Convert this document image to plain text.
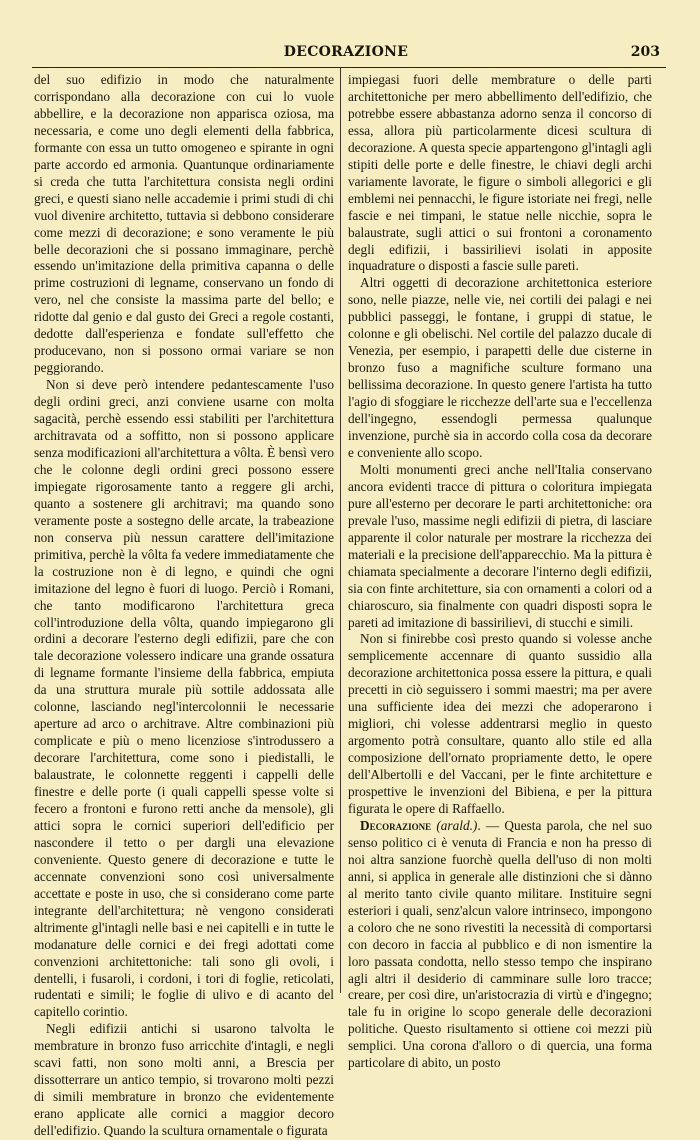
DECORAZIONE	203

del suo edifizio in modo che naturalmente corrispondano alla decorazione con cui lo vuole abbellire, e la decorazione non apparisca oziosa, ma necessaria, e come uno degli elementi della fabbrica, formante con essa un tutto omogeneo e spirante in ogni parte accordo ed armonia. Quantunque ordinariamente si creda che tutta l'architettura consista negli ordini greci, e questi siano nelle accademie i primi studi di chi vuol divenire architetto, tuttavia si debbono considerare come mezzi di decorazione; e sono veramente le più belle decorazioni che si possano immaginare, perchè essendo un'imitazione della primitiva capanna o delle prime costruzioni di legname, conservano un fondo di vero, nel che consiste la massima parte del bello; e ridotte dal genio e dal gusto dei Greci a regole costanti, dedotte dall'esperienza e fondate sull'effetto che producevano, non si possono ormai variare se non peggiorando.

Non si deve però intendere pedantescamente l'uso degli ordini greci, anzi conviene usarne con molta sagacità, perchè essendo essi stabiliti per l'architettura architravata od a soffitto, non si possono applicare senza modificazioni all'architettura a vôlta. È bensì vero che le colonne degli ordini greci possono essere impiegate rigorosamente tanto a reggere gli archi, quanto a sostenere gli architravi; ma quando sono veramente poste a sostegno delle arcate, la trabeazione non conserva più nessun carattere dell'imitazione primitiva, perchè la vôlta fa vedere immediatamente che la costruzione non è di legno, e quindi che ogni imitazione del legno è fuori di luogo. Perciò i Romani, che tanto modificarono l'architettura greca coll'introduzione della vôlta, quando impiegarono gli ordini a decorare l'esterno degli edifizii, pare che con tale decorazione volessero indicare una grande ossatura di legname formante l'insieme della fabbrica, empiuta da una struttura murale più sottile addossata alle colonne, lasciando negl'intercolonnii le necessarie aperture ad arco o architrave. Altre combinazioni più complicate e più o meno licenziose s'introdussero a decorare l'architettura, come sono i piedistalli, le balaustrate, le colonnette reggenti i cappelli delle finestre e delle porte (i quali cappelli spesse volte si fecero a frontoni e furono retti anche da mensole), gli attici sopra le cornici superiori dell'edificio per nascondere il tetto o per dargli una elevazione conveniente. Questo genere di decorazione e tutte le accennate convenzioni sono così universalmente accettate e poste in uso, che si considerano come parte integrante dell'architettura; nè vengono considerati altrimente gl'intagli nelle basi e nei capitelli e in tutte le modanature delle cornici e dei fregi adottati come convenzioni architettoniche: tali sono gli ovoli, i dentelli, i fusaroli, i cordoni, i tori di foglie, reticolati, rudentati e simili; le foglie di ulivo e di acanto del capitello corintio.

Negli edifizii antichi si usarono talvolta le membrature in bronzo fuso arricchite d'intagli, e negli scavi fatti, non sono molti anni, a Brescia per dissotterrare un antico tempio, si trovarono molti pezzi di simili membrature in bronzo che evidentemente erano applicate alle cornici a maggior decoro dell'edifizio. Quando la scultura ornamentale o figurata

impiegasi fuori delle membrature o delle parti architettoniche per mero abbellimento dell'edifizio, che potrebbe essere abbastanza adorno senza il concorso di essa, allora più particolarmente dicesi scultura di decorazione. A questa specie appartengono gl'intagli agli stipiti delle porte e delle finestre, le chiavi degli archi variamente lavorate, le figure o simboli allegorici e gli emblemi nei pennacchi, le figure istoriate nei fregi, nelle fascie e nei timpani, le statue nelle nicchie, sopra le balaustrate, sugli attici o sui frontoni a coronamento degli edifizii, i bassirilievi isolati in apposite inquadrature o disposti a fascie sulle pareti.

Altri oggetti di decorazione architettonica esteriore sono, nelle piazze, nelle vie, nei cortili dei palagi e nei pubblici passeggi, le fontane, i gruppi di statue, le colonne e gli obelischi. Nel cortile del palazzo ducale di Venezia, per esempio, i parapetti delle due cisterne in bronzo fuso a magnifiche sculture formano una bellissima decorazione. In questo genere l'artista ha tutto l'agio di sfoggiare le ricchezze dell'arte sua e l'eccellenza dell'ingegno, essendogli permessa qualunque invenzione, purchè sia in accordo colla cosa da decorare e conveniente allo scopo.

Molti monumenti greci anche nell'Italia conservano ancora evidenti tracce di pittura o coloritura impiegata pure all'esterno per decorare le parti architettoniche: ora prevale l'uso, massime negli edifizii di pietra, di lasciare apparente il color naturale per mostrare la ricchezza dei materiali e la precisione dell'apparecchio. Ma la pittura è chiamata specialmente a decorare l'interno degli edifizii, sia con finte architetture, sia con ornamenti a colori od a chiaroscuro, sia finalmente con quadri disposti sopra le pareti ad imitazione di bassirilievi, di stucchi e simili.

Non si finirebbe così presto quando si volesse anche semplicemente accennare di quanto sussidio alla decorazione architettonica possa essere la pittura, e quali precetti in ciò seguissero i sommi maestri; ma per avere una sufficiente idea dei mezzi che adoperarono i migliori, chi volesse addentrarsi meglio in questo argomento potrà consultare, quanto allo stile ed alla composizione dell'ornato propriamente detto, le opere dell'Albertolli e del Vaccani, per le finte architetture e prospettive le invenzioni del Bibiena, e per la pittura figurata le opere di Raffaello.

Decorazione (arald.). — Questa parola, che nel suo senso politico ci è venuta di Francia e non ha presso di noi altra sanzione fuorchè quella dell'uso di non molti anni, si applica in generale alle distinzioni che si dànno al merito tanto civile quanto militare. Instituire segni esteriori i quali, senz'alcun valore intrinseco, impongono a coloro che ne sono rivestiti la necessità di comportarsi con decoro in faccia al pubblico e di non ismentire la loro passata condotta, nello stesso tempo che inspirano agli altri il desiderio di camminare sulle loro tracce; creare, per così dire, un'aristocrazia di virtù e d'ingegno; tale fu in origine lo scopo generale delle decorazioni politiche. Questo risultamento si ottiene coi mezzi più semplici. Una corona d'alloro o di quercia, una forma particolare di abito, un posto
